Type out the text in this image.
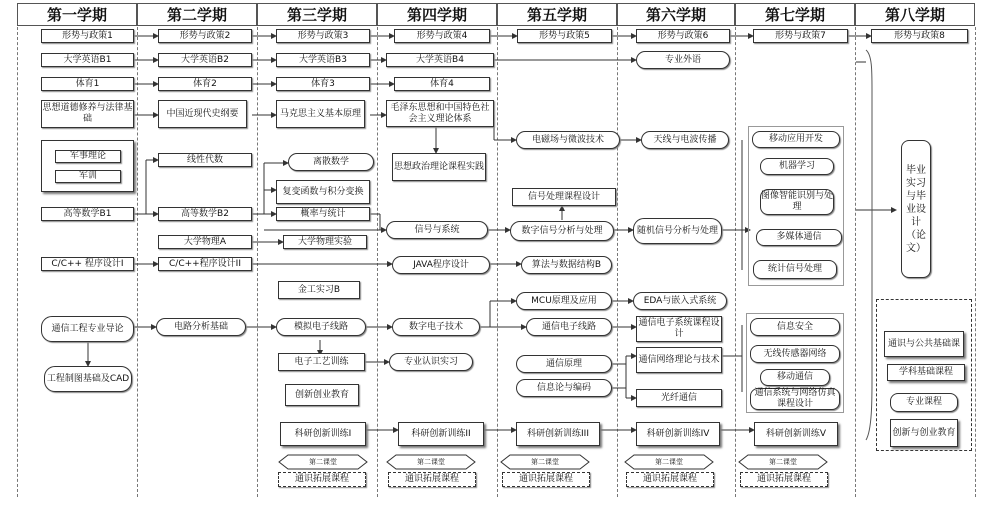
第一学期	第二学期	第三学期	第四学期	第五学期	第六学期	第七学期	第八学期
形势与政策1
大学英语B1
体育1
思想道德修养与法律基础
军事理论
军训
高等数学B1
C/C++ 程序设计I
通信工程专业导论
工程制图基础及CAD
形势与政策2
大学英语B2
体育2
中国近现代史纲要
线性代数
高等数学B2
大学物理A
C/C++程序设计II
电路分析基础
形势与政策3
大学英语B3
体育3
马克思主义基本原理
离散数学
复变函数与积分变换
概率与统计
大学物理实验
金工实习B
模拟电子线路
电子工艺训练
创新创业教育
科研创新训练I
第二课堂
通识拓展课程
形势与政策4
大学英语B4
体育4
毛泽东思想和中国特色社会主义理论体系
思想政治理论课程实践
信号与系统
JAVA程序设计
数字电子技术
专业认识实习
科研创新训练II
第二课堂
通识拓展课程
形势与政策5
电磁场与微波技术
信号处理课程设计
数字信号分析与处理
算法与数据结构B
MCU原理及应用
通信电子线路
通信原理
信息论与编码
科研创新训练III
第二课堂
通识拓展课程
形势与政策6
专业外语
天线与电波传播
随机信号分析与处理
EDA与嵌入式系统
通信电子系统课程设计
通信网络理论与技术
光纤通信
科研创新训练IV
第二课堂
通识拓展课程
形势与政策7
移动应用开发
机器学习
图像智能识别与处理
多媒体通信
统计信号处理
信息安全
无线传感器网络
移动通信
通信系统与网络仿真课程设计
科研创新训练V
第二课堂
通识拓展课程
形势与政策8
毕业实习与毕业设计（论文）
通识与公共基础课
学科基础课程
专业课程
创新与创业教育
